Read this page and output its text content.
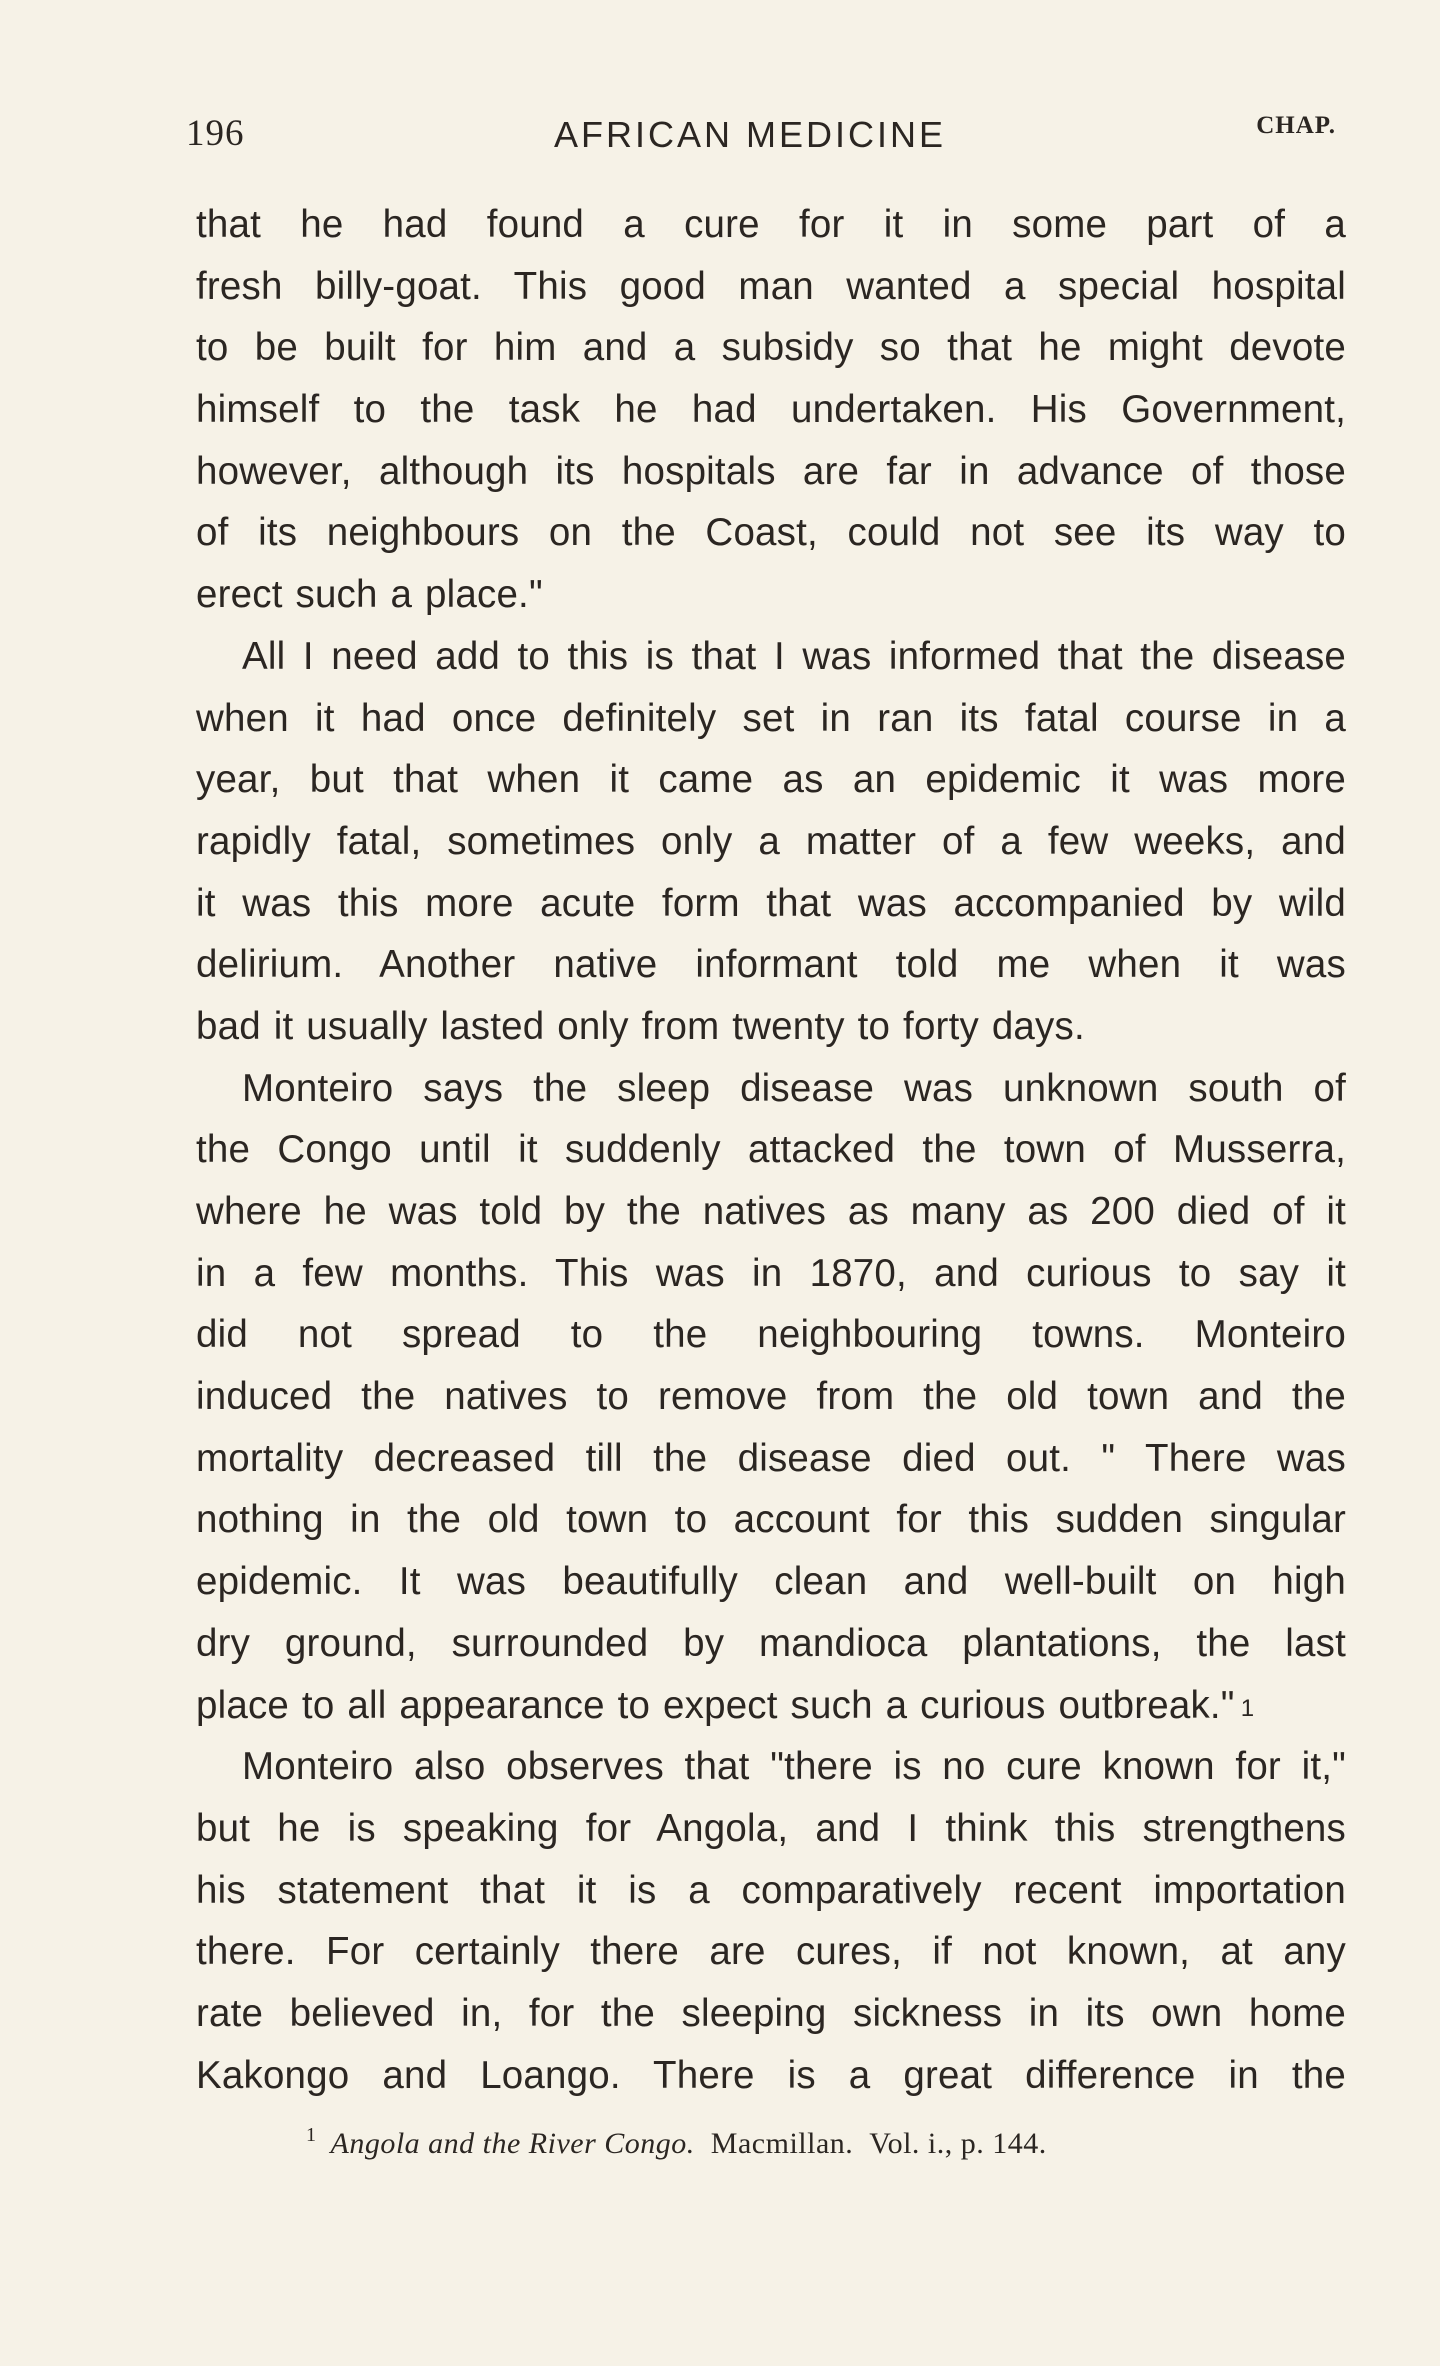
196	AFRICAN MEDICINE	CHAP.
that he had found a cure for it in some part of a
fresh billy-goat. This good man wanted a special hospital
to be built for him and a subsidy so that he might devote
himself to the task he had undertaken. His Government,
however, although its hospitals are far in advance of those
of its neighbours on the Coast, could not see its way to
erect such a place."
All I need add to this is that I was informed that the disease
when it had once definitely set in ran its fatal course in a
year, but that when it came as an epidemic it was more
rapidly fatal, sometimes only a matter of a few weeks, and
it was this more acute form that was accompanied by wild
delirium. Another native informant told me when it was
bad it usually lasted only from twenty to forty days.
Monteiro says the sleep disease was unknown south of
the Congo until it suddenly attacked the town of Musserra,
where he was told by the natives as many as 200 died of it
in a few months. This was in 1870, and curious to say it
did not spread to the neighbouring towns. Monteiro
induced the natives to remove from the old town and the
mortality decreased till the disease died out. " There was
nothing in the old town to account for this sudden singular
epidemic. It was beautifully clean and well-built on high
dry ground, surrounded by mandioca plantations, the last
place to all appearance to expect such a curious outbreak." $^1$
Monteiro also observes that "there is no cure known for it,"
but he is speaking for Angola, and I think this strengthens
his statement that it is a comparatively recent importation
there. For certainly there are cures, if not known, at any
rate believed in, for the sleeping sickness in its own home
Kakongo and Loango. There is a great difference in the
$^1$ Angola and the River Congo. Macmillan. Vol. i., p. 144.
